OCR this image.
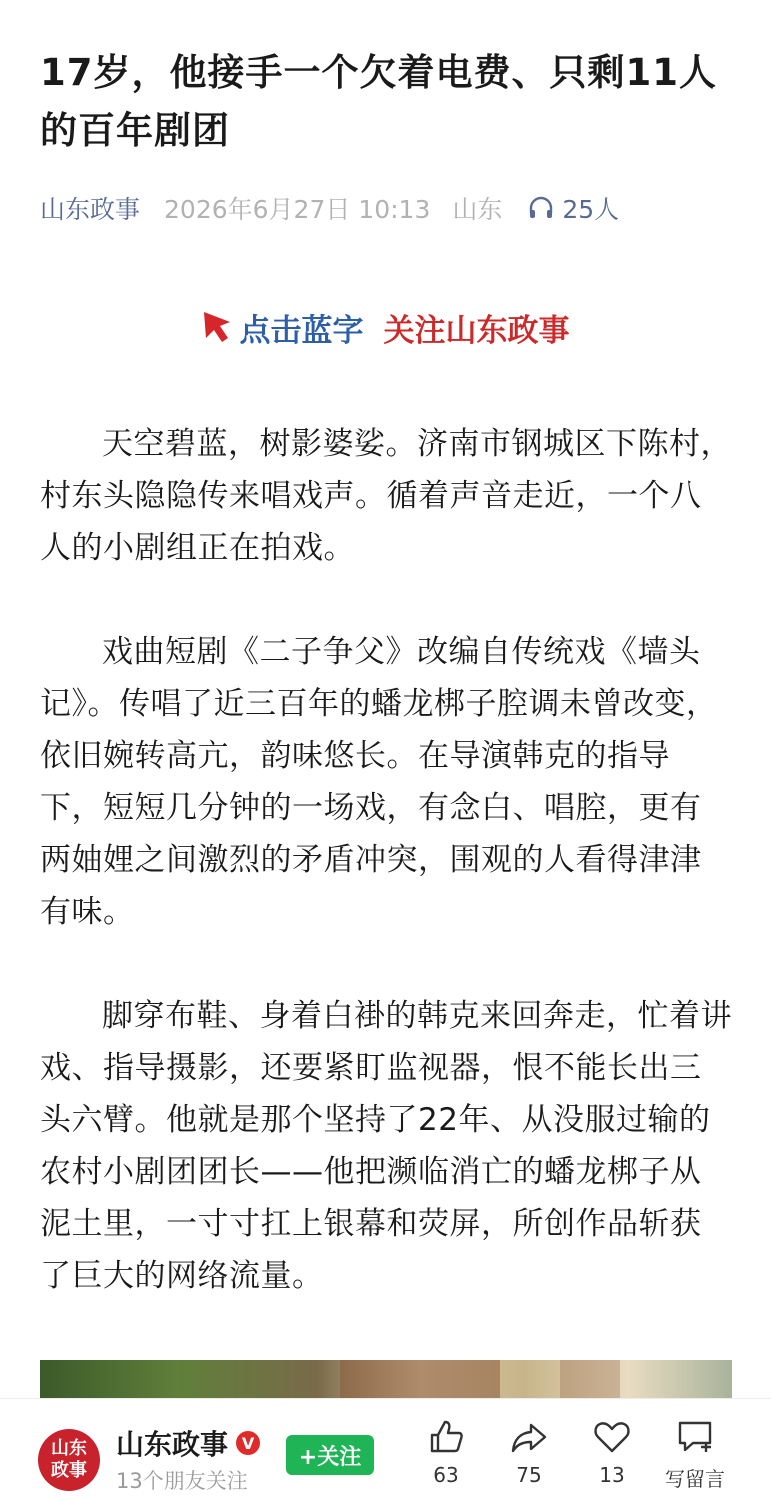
17岁，他接手一个欠着电费、只剩11人的百年剧团
山东政事 2026年6月27日 10:13 山东 25人
点击蓝字 关注山东政事

天空碧蓝，树影婆娑。济南市钢城区下陈村，村东头隐隐传来唱戏声。循着声音走近，一个八人的小剧组正在拍戏。

戏曲短剧《二子争父》改编自传统戏《墙头记》。传唱了近三百年的蟠龙梆子腔调未曾改变，依旧婉转高亢，韵味悠长。在导演韩克的指导下，短短几分钟的一场戏，有念白、唱腔，更有两妯娌之间激烈的矛盾冲突，围观的人看得津津有味。

脚穿布鞋、身着白褂的韩克来回奔走，忙着讲戏、指导摄影，还要紧盯监视器，恨不能长出三头六臂。他就是那个坚持了22年、从没服过输的农村小剧团团长——他把濒临消亡的蟠龙梆子从泥土里，一寸寸扛上银幕和荧屏，所创作品斩获了巨大的网络流量。

山东政事
山东政事 V
13个朋友关注
+关注
63	75	13	写留言
